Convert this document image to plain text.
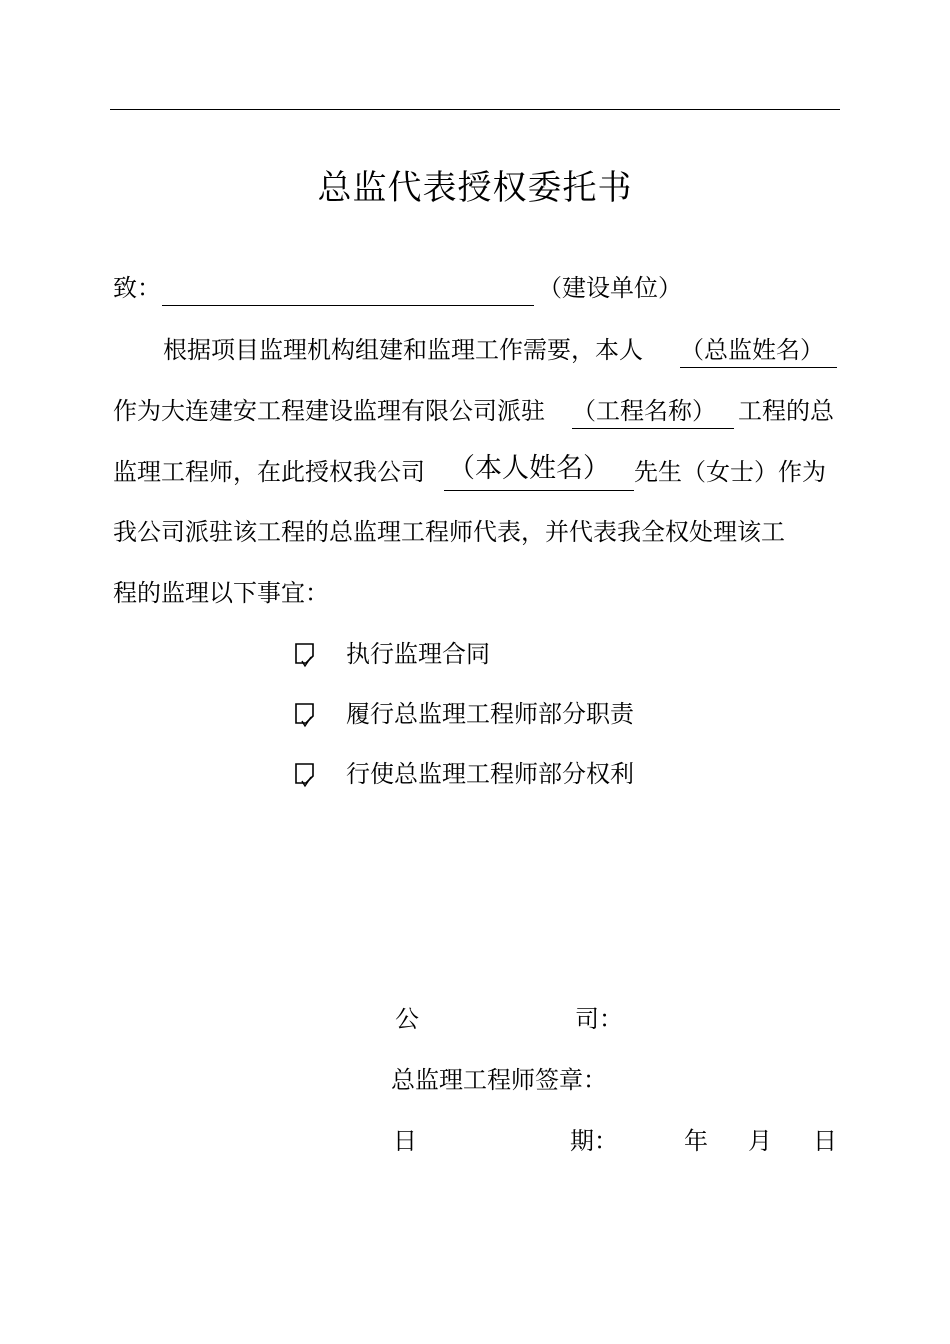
总监代表授权委托书
致：	（建设单位）
根据项目监理机构组建和监理工作需要，本人 （总监姓名）
作为大连建安工程建设监理有限公司派驻 （工程名称） 工程的总
监理工程师，在此授权我公司 （本人姓名） 先生（女士）作为
我公司派驻该工程的总监理工程师代表，并代表我全权处理该工
程的监理以下事宜：
执行监理合同
履行总监理工程师部分职责
行使总监理工程师部分权利
公	司：
总监理工程师签章：
日	期：	年 月 日
